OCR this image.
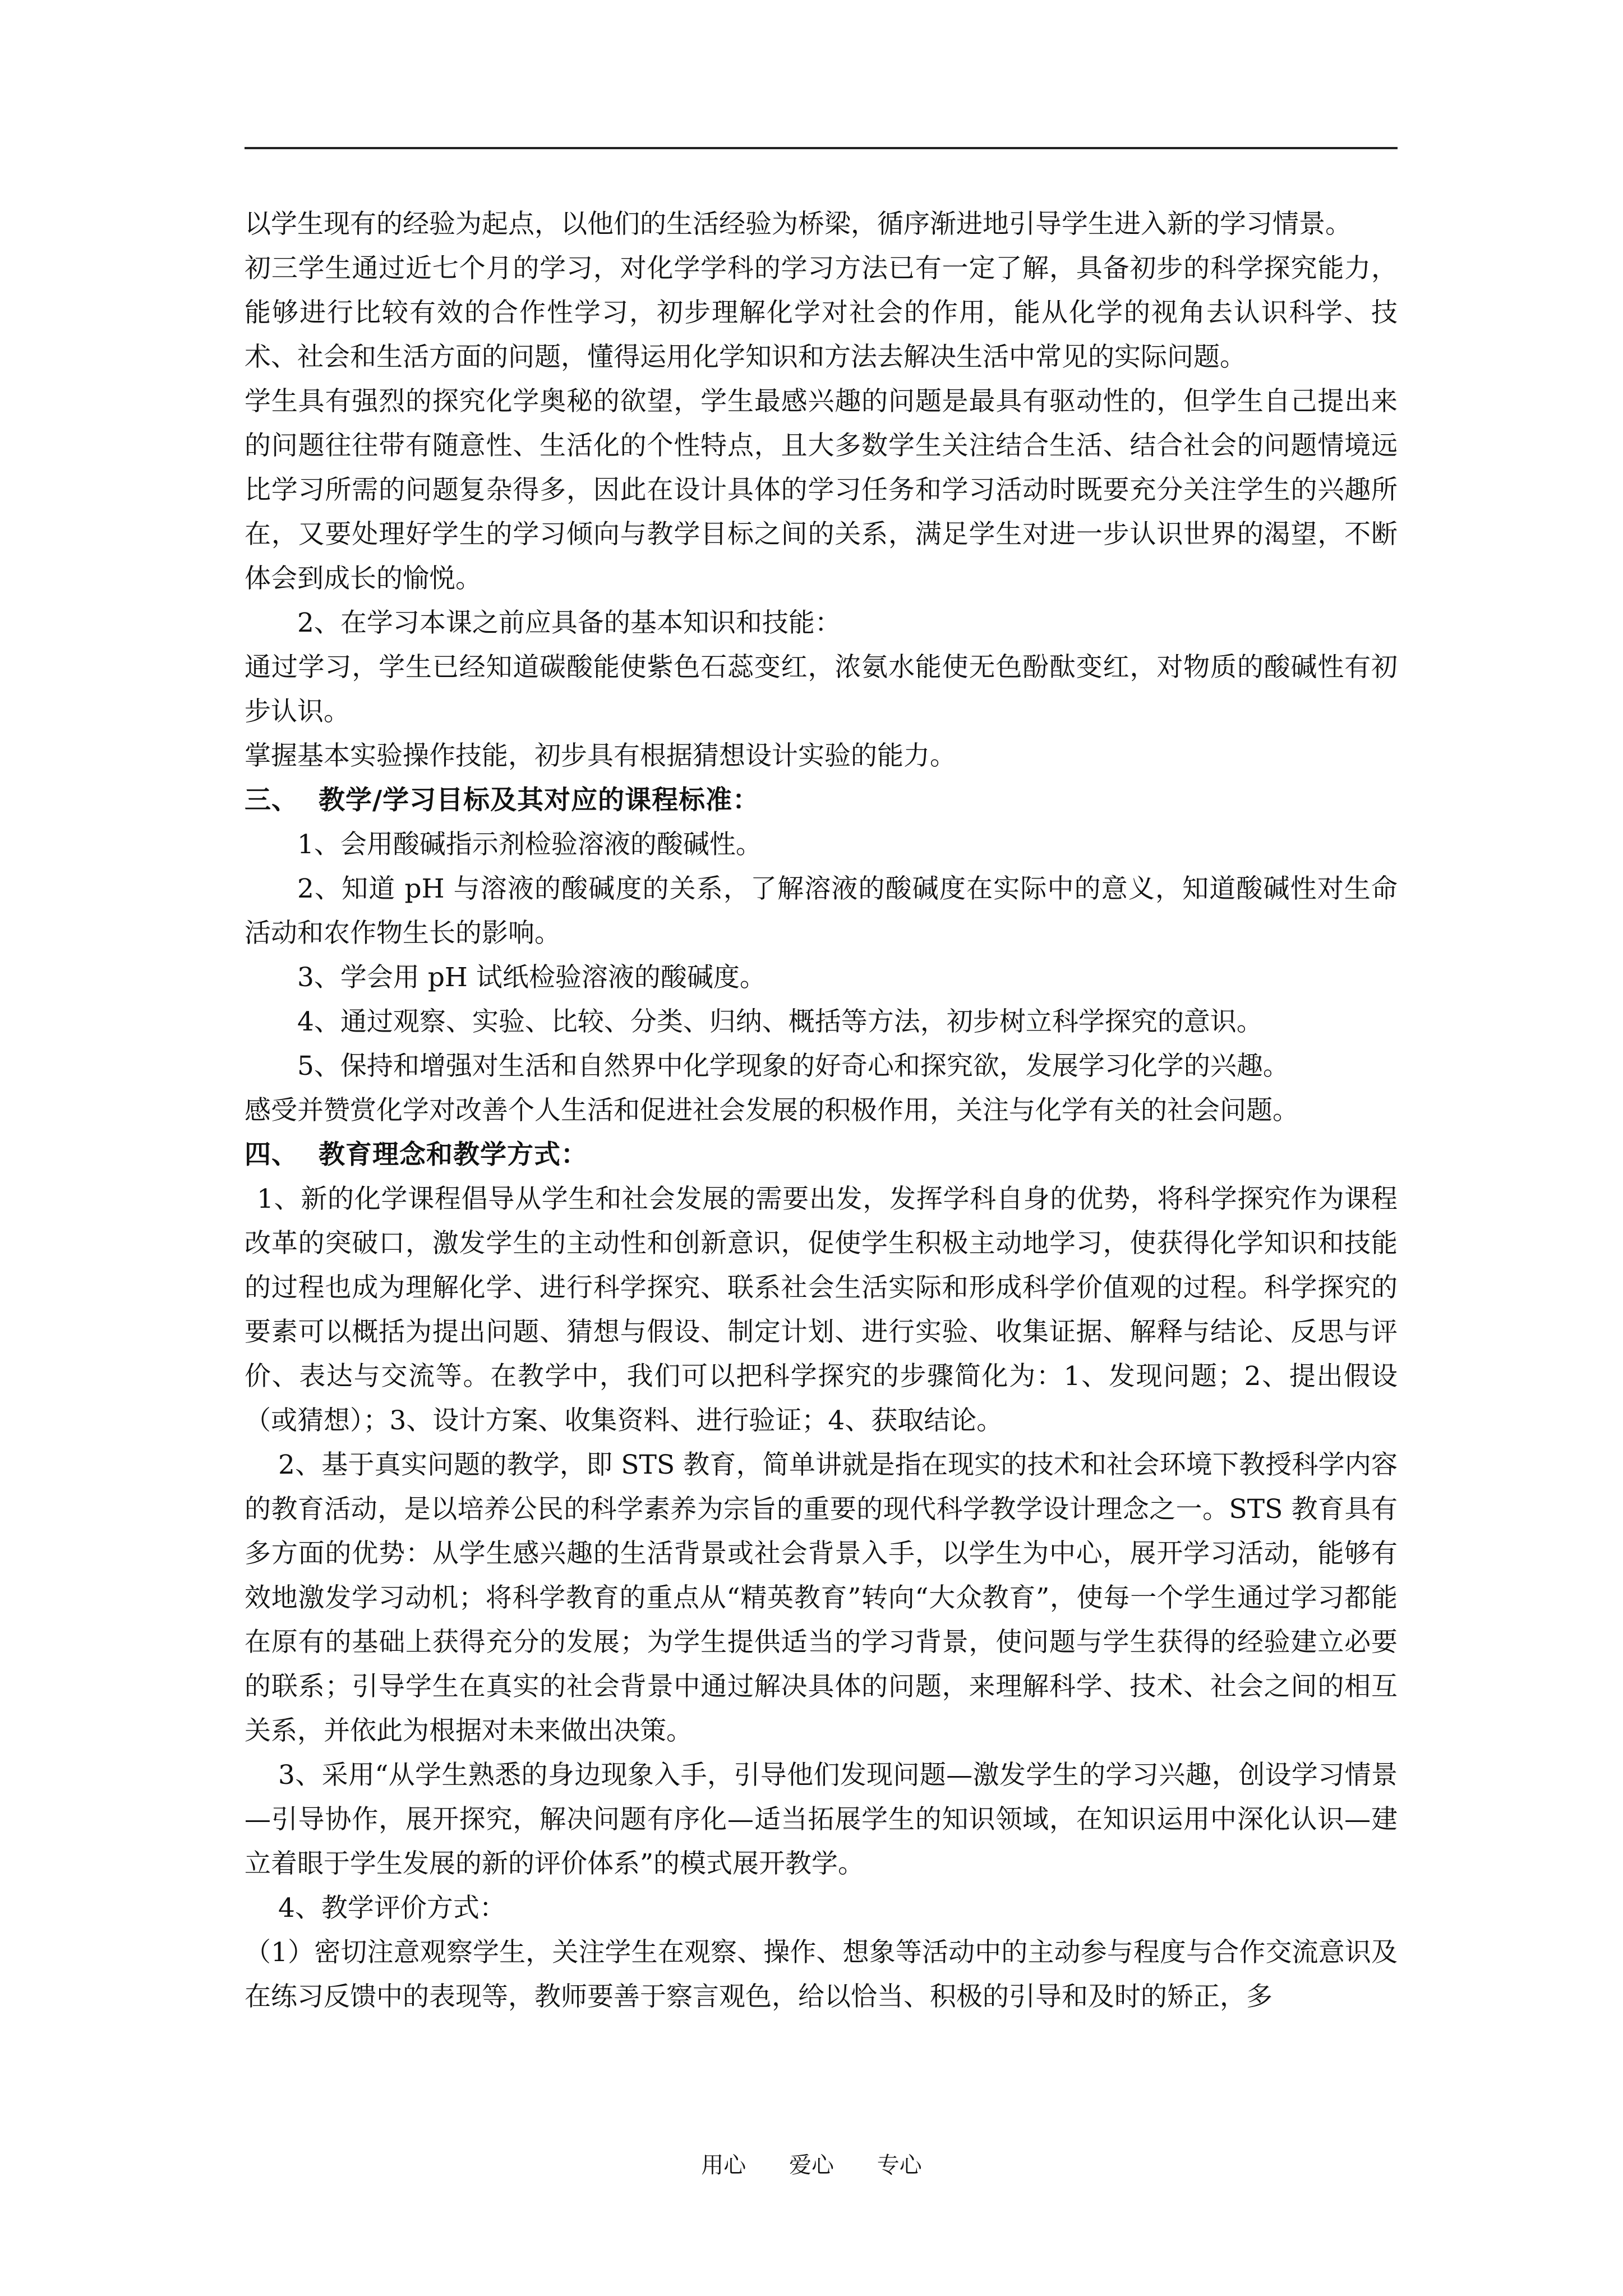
以学生现有的经验为起点，以他们的生活经验为桥梁，循序渐进地引导学生进入新的学习情景。

初三学生通过近七个月的学习，对化学学科的学习方法已有一定了解，具备初步的科学探究能力，能够进行比较有效的合作性学习，初步理解化学对社会的作用，能从化学的视角去认识科学、技术、社会和生活方面的问题，懂得运用化学知识和方法去解决生活中常见的实际问题。

学生具有强烈的探究化学奥秘的欲望，学生最感兴趣的问题是最具有驱动性的，但学生自己提出来的问题往往带有随意性、生活化的个性特点，且大多数学生关注结合生活、结合社会的问题情境远比学习所需的问题复杂得多，因此在设计具体的学习任务和学习活动时既要充分关注学生的兴趣所在，又要处理好学生的学习倾向与教学目标之间的关系，满足学生对进一步认识世界的渴望，不断体会到成长的愉悦。

2、在学习本课之前应具备的基本知识和技能：

通过学习，学生已经知道碳酸能使紫色石蕊变红，浓氨水能使无色酚酞变红，对物质的酸碱性有初步认识。

掌握基本实验操作技能，初步具有根据猜想设计实验的能力。

三、 教学/学习目标及其对应的课程标准：

1、会用酸碱指示剂检验溶液的酸碱性。

2、知道 pH 与溶液的酸碱度的关系，了解溶液的酸碱度在实际中的意义，知道酸碱性对生命活动和农作物生长的影响。

3、学会用 pH 试纸检验溶液的酸碱度。

4、通过观察、实验、比较、分类、归纳、概括等方法，初步树立科学探究的意识。

5、保持和增强对生活和自然界中化学现象的好奇心和探究欲，发展学习化学的兴趣。

感受并赞赏化学对改善个人生活和促进社会发展的积极作用，关注与化学有关的社会问题。

四、 教育理念和教学方式：

1、新的化学课程倡导从学生和社会发展的需要出发，发挥学科自身的优势，将科学探究作为课程改革的突破口，激发学生的主动性和创新意识，促使学生积极主动地学习，使获得化学知识和技能的过程也成为理解化学、进行科学探究、联系社会生活实际和形成科学价值观的过程。科学探究的要素可以概括为提出问题、猜想与假设、制定计划、进行实验、收集证据、解释与结论、反思与评价、表达与交流等。在教学中，我们可以把科学探究的步骤简化为：1、发现问题；2、提出假设（或猜想）；3、设计方案、收集资料、进行验证；4、获取结论。

2、基于真实问题的教学，即 STS 教育，简单讲就是指在现实的技术和社会环境下教授科学内容的教育活动，是以培养公民的科学素养为宗旨的重要的现代科学教学设计理念之一。STS 教育具有多方面的优势：从学生感兴趣的生活背景或社会背景入手，以学生为中心，展开学习活动，能够有效地激发学习动机；将科学教育的重点从“精英教育”转向“大众教育”，使每一个学生通过学习都能在原有的基础上获得充分的发展；为学生提供适当的学习背景，使问题与学生获得的经验建立必要的联系；引导学生在真实的社会背景中通过解决具体的问题，来理解科学、技术、社会之间的相互关系，并依此为根据对未来做出决策。

3、采用“从学生熟悉的身边现象入手，引导他们发现问题—激发学生的学习兴趣，创设学习情景—引导协作，展开探究，解决问题有序化—适当拓展学生的知识领域，在知识运用中深化认识—建立着眼于学生发展的新的评价体系”的模式展开教学。

4、教学评价方式：

（1）密切注意观察学生，关注学生在观察、操作、想象等活动中的主动参与程度与合作交流意识及在练习反馈中的表现等，教师要善于察言观色，给以恰当、积极的引导和及时的矫正，多

用心 爱心 专心
